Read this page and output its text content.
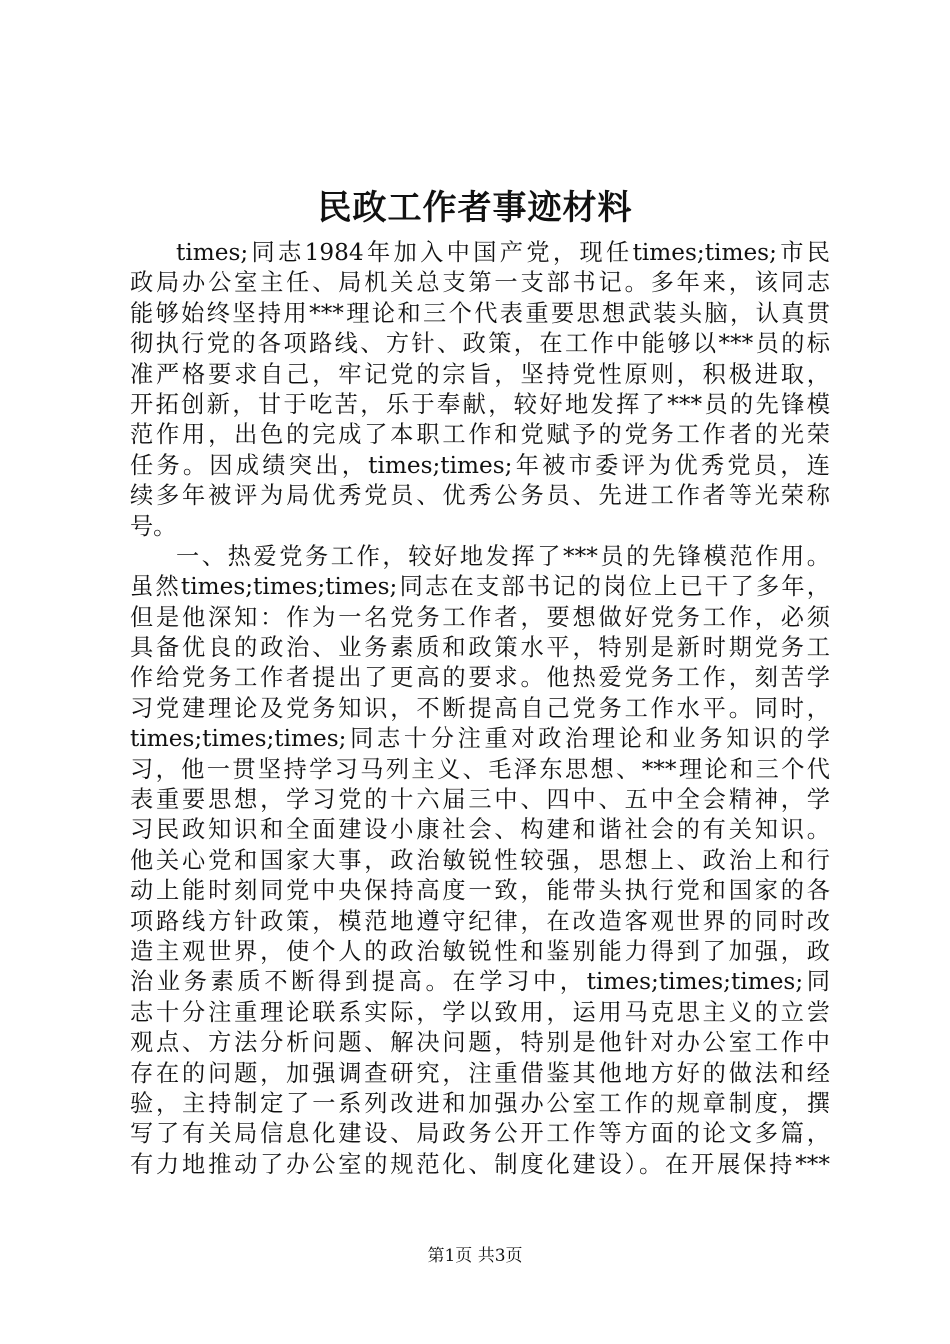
民政工作者事迹材料
times;同志1984年加入中国产党，现任times;times;市民
政局办公室主任、局机关总支第一支部书记。多年来，该同志
能够始终坚持用***理论和三个代表重要思想武装头脑，认真贯
彻执行党的各项路线、方针、政策，在工作中能够以***员的标
准严格要求自己，牢记党的宗旨，坚持党性原则，积极进取，
开拓创新，甘于吃苦，乐于奉献，较好地发挥了***员的先锋模
范作用，出色的完成了本职工作和党赋予的党务工作者的光荣
任务。因成绩突出，times;times;年被市委评为优秀党员，连
续多年被评为局优秀党员、优秀公务员、先进工作者等光荣称
号。
一、热爱党务工作，较好地发挥了***员的先锋模范作用。
虽然times;times;times;同志在支部书记的岗位上已干了多年，
但是他深知：作为一名党务工作者，要想做好党务工作，必须
具备优良的政治、业务素质和政策水平，特别是新时期党务工
作给党务工作者提出了更高的要求。他热爱党务工作，刻苦学
习党建理论及党务知识，不断提高自己党务工作水平。同时，
times;times;times;同志十分注重对政治理论和业务知识的学
习，他一贯坚持学习马列主义、毛泽东思想、***理论和三个代
表重要思想，学习党的十六届三中、四中、五中全会精神，学
习民政知识和全面建设小康社会、构建和谐社会的有关知识。
他关心党和国家大事，政治敏锐性较强，思想上、政治上和行
动上能时刻同党中央保持高度一致，能带头执行党和国家的各
项路线方针政策，模范地遵守纪律，在改造客观世界的同时改
造主观世界，使个人的政治敏锐性和鉴别能力得到了加强，政
治业务素质不断得到提高。在学习中，times;times;times;同
志十分注重理论联系实际，学以致用，运用马克思主义的立尝
观点、方法分析问题、解决问题，特别是他针对办公室工作中
存在的问题，加强调查研究，注重借鉴其他地方好的做法和经
验，主持制定了一系列改进和加强办公室工作的规章制度，撰
写了有关局信息化建设、局政务公开工作等方面的论文多篇，
有力地推动了办公室的规范化、制度化建设）。在开展保持***
第1页 共3页
